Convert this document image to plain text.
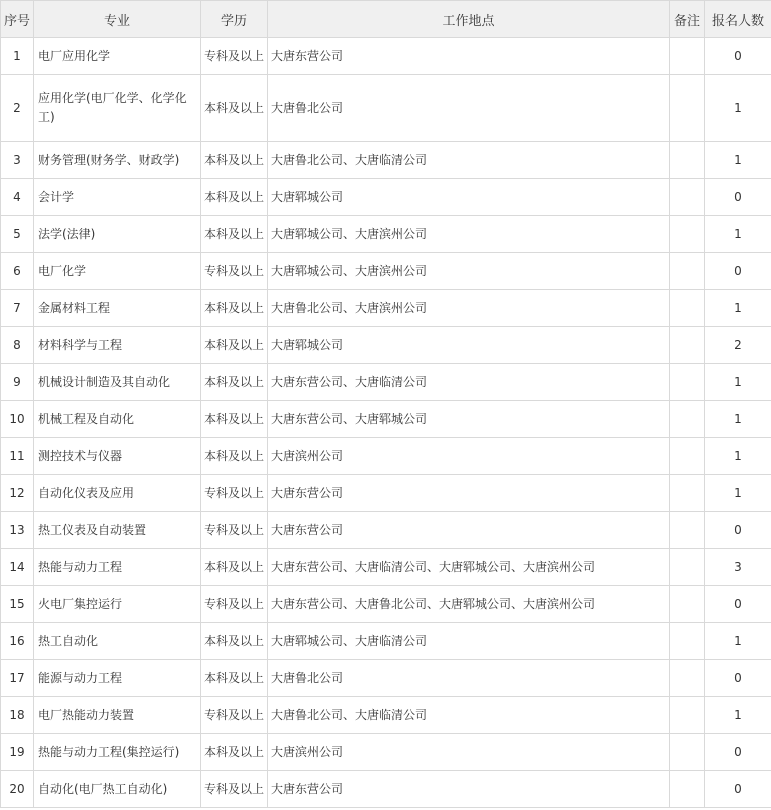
序号	专业	学历	工作地点	备注	报名人数
1	电厂应用化学	专科及以上	大唐东营公司		0
2	应用化学(电厂化学、化学化工)	本科及以上	大唐鲁北公司		1
3	财务管理(财务学、财政学)	本科及以上	大唐鲁北公司、大唐临清公司		1
4	会计学	本科及以上	大唐郓城公司		0
5	法学(法律)	本科及以上	大唐郓城公司、大唐滨州公司		1
6	电厂化学	专科及以上	大唐郓城公司、大唐滨州公司		0
7	金属材料工程	本科及以上	大唐鲁北公司、大唐滨州公司		1
8	材料科学与工程	本科及以上	大唐郓城公司		2
9	机械设计制造及其自动化	本科及以上	大唐东营公司、大唐临清公司		1
10	机械工程及自动化	本科及以上	大唐东营公司、大唐郓城公司		1
11	测控技术与仪器	本科及以上	大唐滨州公司		1
12	自动化仪表及应用	专科及以上	大唐东营公司		1
13	热工仪表及自动装置	专科及以上	大唐东营公司		0
14	热能与动力工程	本科及以上	大唐东营公司、大唐临清公司、大唐郓城公司、大唐滨州公司		3
15	火电厂集控运行	专科及以上	大唐东营公司、大唐鲁北公司、大唐郓城公司、大唐滨州公司		0
16	热工自动化	本科及以上	大唐郓城公司、大唐临清公司		1
17	能源与动力工程	本科及以上	大唐鲁北公司		0
18	电厂热能动力装置	专科及以上	大唐鲁北公司、大唐临清公司		1
19	热能与动力工程(集控运行)	本科及以上	大唐滨州公司		0
20	自动化(电厂热工自动化)	专科及以上	大唐东营公司		0
